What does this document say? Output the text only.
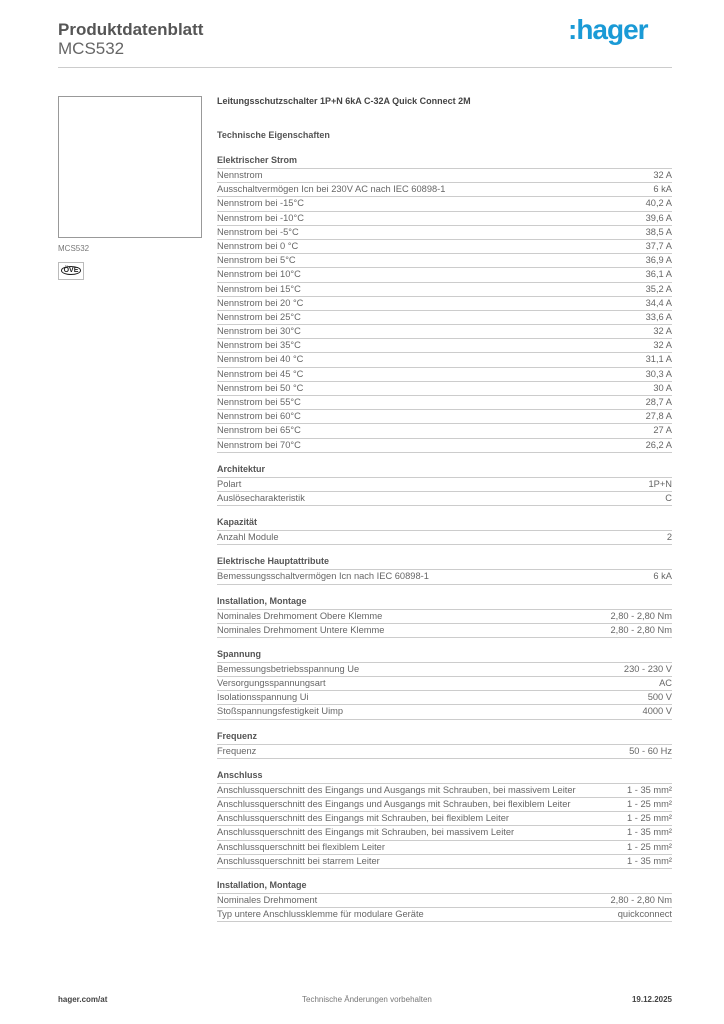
Produktdatenblatt
MCS532
:hager
MCS532
ÖVE
Leitungsschutzschalter 1P+N 6kA C-32A Quick Connect 2M
Technische Eigenschaften
Elektrischer Strom
Nennstrom	32 A
Ausschaltvermögen Icn bei 230V AC nach IEC 60898-1	6 kA
Nennstrom bei -15°C	40,2 A
Nennstrom bei -10°C	39,6 A
Nennstrom bei -5°C	38,5 A
Nennstrom bei 0 °C	37,7 A
Nennstrom bei 5°C	36,9 A
Nennstrom bei 10°C	36,1 A
Nennstrom bei 15°C	35,2 A
Nennstrom bei 20 °C	34,4 A
Nennstrom bei 25°C	33,6 A
Nennstrom bei 30°C	32 A
Nennstrom bei 35°C	32 A
Nennstrom bei 40 °C	31,1 A
Nennstrom bei 45 °C	30,3 A
Nennstrom bei 50 °C	30 A
Nennstrom bei 55°C	28,7 A
Nennstrom bei 60°C	27,8 A
Nennstrom bei 65°C	27 A
Nennstrom bei 70°C	26,2 A
Architektur
Polart	1P+N
Auslösecharakteristik	C
Kapazität
Anzahl Module	2
Elektrische Hauptattribute
Bemessungsschaltvermögen Icn nach IEC 60898-1	6 kA
Installation, Montage
Nominales Drehmoment Obere Klemme	2,80 - 2,80 Nm
Nominales Drehmoment Untere Klemme	2,80 - 2,80 Nm
Spannung
Bemessungsbetriebsspannung Ue	230 - 230 V
Versorgungsspannungsart	AC
Isolationsspannung Ui	500 V
Stoßspannungsfestigkeit Uimp	4000 V
Frequenz
Frequenz	50 - 60 Hz
Anschluss
Anschlussquerschnitt des Eingangs und Ausgangs mit Schrauben, bei massivem Leiter	1 - 35 mm²
Anschlussquerschnitt des Eingangs und Ausgangs mit Schrauben, bei flexiblem Leiter	1 - 25 mm²
Anschlussquerschnitt des Eingangs mit Schrauben, bei flexiblem Leiter	1 - 25 mm²
Anschlussquerschnitt des Eingangs mit Schrauben, bei massivem Leiter	1 - 35 mm²
Anschlussquerschnitt bei flexiblem Leiter	1 - 25 mm²
Anschlussquerschnitt bei starrem Leiter	1 - 35 mm²
Installation, Montage
Nominales Drehmoment	2,80 - 2,80 Nm
Typ untere Anschlussklemme für modulare Geräte	quickconnect
hager.com/at	Technische Änderungen vorbehalten	19.12.2025
